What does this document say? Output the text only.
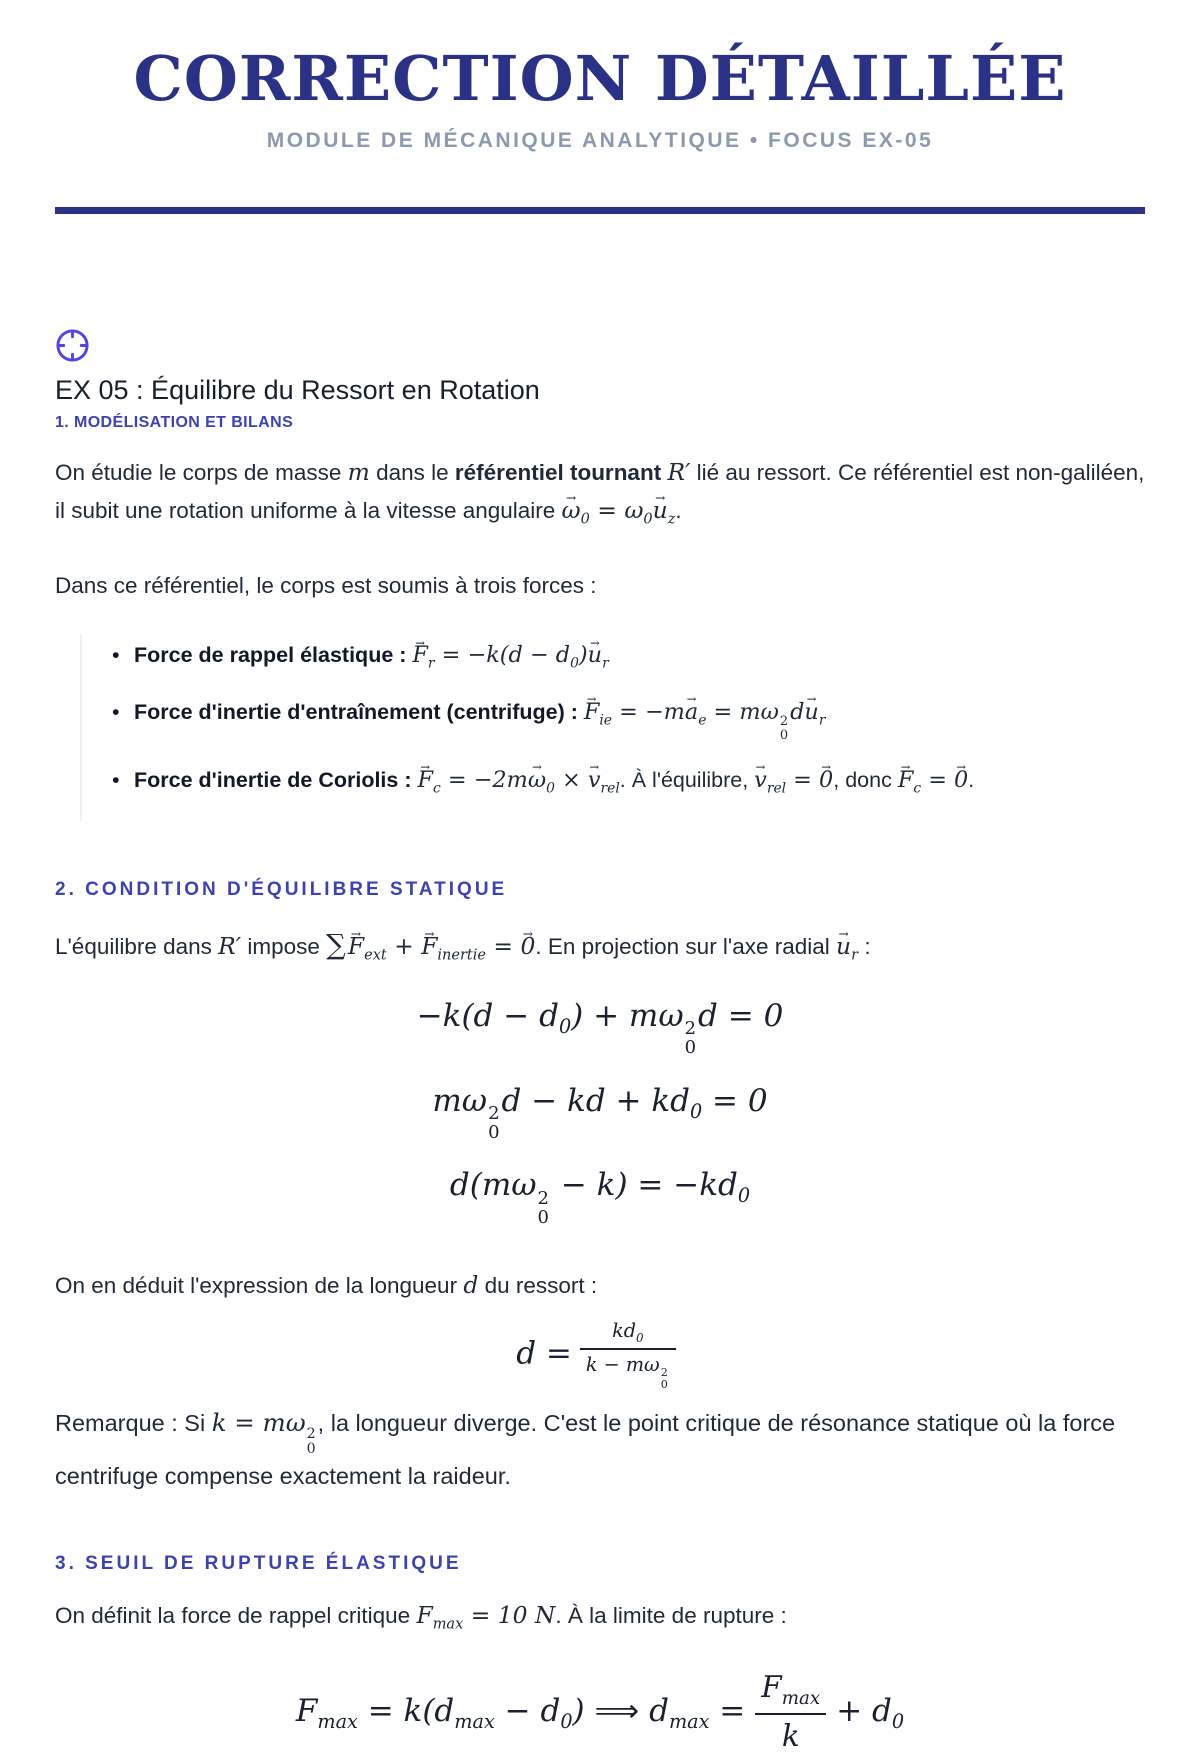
CORRECTION DÉTAILLÉE
MODULE DE MÉCANIQUE ANALYTIQUE • FOCUS EX-05
EX 05 : Équilibre du Ressort en Rotation
1. MODÉLISATION ET BILANS

On étudie le corps de masse m dans le référentiel tournant R′ lié au ressort. Ce référentiel est non-galiléen, il subit une rotation uniforme à la vitesse angulaire → $\omega_0 = \omega_0\to u_z$.

Dans ce référentiel, le corps est soumis à trois forces :

• Force de rappel élastique : → $F_r = -k(d - d_0)\to u_r$
• Force d'inertie d'entraînement (centrifuge) : → $F_{ie} = -m\to a_e = m\omega$ 2
0
$d\to u_r$
• Force d'inertie de Coriolis : → $F_c = -2m\to \omega_0$ × → $v_{rel}$. À l'équilibre, → $v_{rel}$ = → 0, donc → $F_c$ = → 0.
2. CONDITION D'ÉQUILIBRE STATIQUE

L'équilibre dans R′ impose ∑→ $F_{ext}$ + → $F_{inertie}$ = → 0. En projection sur l'axe radial → $u_r$ :

$-k(d - d_0) + m\omega$ 2
0
d = 0
mω 2
0
d − kd + $kd_0 = 0$
d(mω 2
0
− $k) = -kd_0$

On en déduit l'expression de la longueur d du ressort :

$d = kd_0$
k − mω 2
0

Remarque : Si k = mω 2
0
, la longueur diverge. C'est le point critique de résonance statique où la force centrifuge compense exactement la raideur.

3. SEUIL DE RUPTURE ÉLASTIQUE

On définit la force de rappel critique $F_{max} = 10$ N. À la limite de rupture :

$F_{max} = k(d_{max} - d_0)$ ⟹ $d_{max} = \frac{F_{max}}{k} + d_0$
